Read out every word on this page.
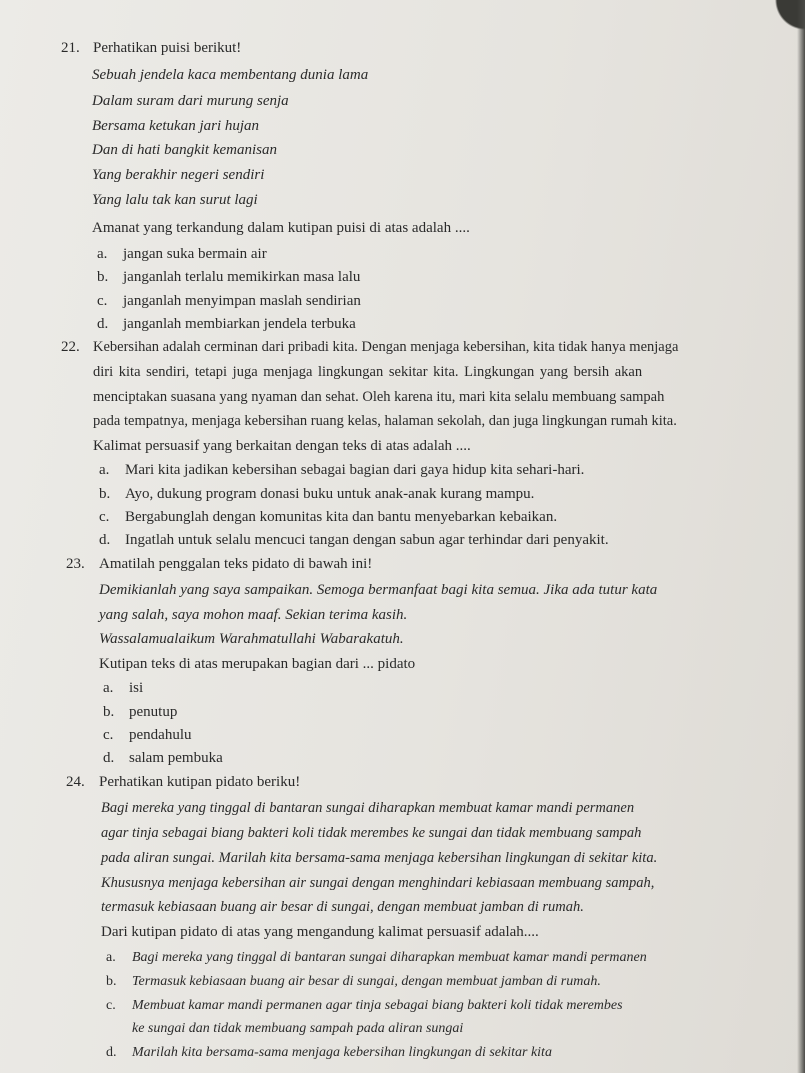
21. Perhatikan puisi berikut!
Sebuah jendela kaca membentang dunia lama
Dalam suram dari murung senja
Bersama ketukan jari hujan
Dan di hati bangkit kemanisan
Yang berakhir negeri sendiri
Yang lalu tak kan surut lagi
Amanat yang terkandung dalam kutipan puisi di atas adalah ....
a. jangan suka bermain air
b. janganlah terlalu memikirkan masa lalu
c. janganlah menyimpan maslah sendirian
d. janganlah membiarkan jendela terbuka
22. Kebersihan adalah cerminan dari pribadi kita. Dengan menjaga kebersihan, kita tidak hanya menjaga
diri kita sendiri, tetapi juga menjaga lingkungan sekitar kita. Lingkungan yang bersih akan
menciptakan suasana yang nyaman dan sehat. Oleh karena itu, mari kita selalu membuang sampah
pada tempatnya, menjaga kebersihan ruang kelas, halaman sekolah, dan juga lingkungan rumah kita.
Kalimat persuasif yang berkaitan dengan teks di atas adalah ....
a. Mari kita jadikan kebersihan sebagai bagian dari gaya hidup kita sehari-hari.
b. Ayo, dukung program donasi buku untuk anak-anak kurang mampu.
c. Bergabunglah dengan komunitas kita dan bantu menyebarkan kebaikan.
d. Ingatlah untuk selalu mencuci tangan dengan sabun agar terhindar dari penyakit.
23. Amatilah penggalan teks pidato di bawah ini!
Demikianlah yang saya sampaikan. Semoga bermanfaat bagi kita semua. Jika ada tutur kata
yang salah, saya mohon maaf. Sekian terima kasih.
Wassalamualaikum Warahmatullahi Wabarakatuh.
Kutipan teks di atas merupakan bagian dari ... pidato
a. isi
b. penutup
c. pendahulu
d. salam pembuka
24. Perhatikan kutipan pidato beriku!
Bagi mereka yang tinggal di bantaran sungai diharapkan membuat kamar mandi permanen
agar tinja sebagai biang bakteri koli tidak merembes ke sungai dan tidak membuang sampah
pada aliran sungai. Marilah kita bersama-sama menjaga kebersihan lingkungan di sekitar kita.
Khususnya menjaga kebersihan air sungai dengan menghindari kebiasaan membuang sampah,
termasuk kebiasaan buang air besar di sungai, dengan membuat jamban di rumah.
Dari kutipan pidato di atas yang mengandung kalimat persuasif adalah....
a. Bagi mereka yang tinggal di bantaran sungai diharapkan membuat kamar mandi permanen
b. Termasuk kebiasaan buang air besar di sungai, dengan membuat jamban di rumah.
c. Membuat kamar mandi permanen agar tinja sebagai biang bakteri koli tidak merembes
ke sungai dan tidak membuang sampah pada aliran sungai
d. Marilah kita bersama-sama menjaga kebersihan lingkungan di sekitar kita
